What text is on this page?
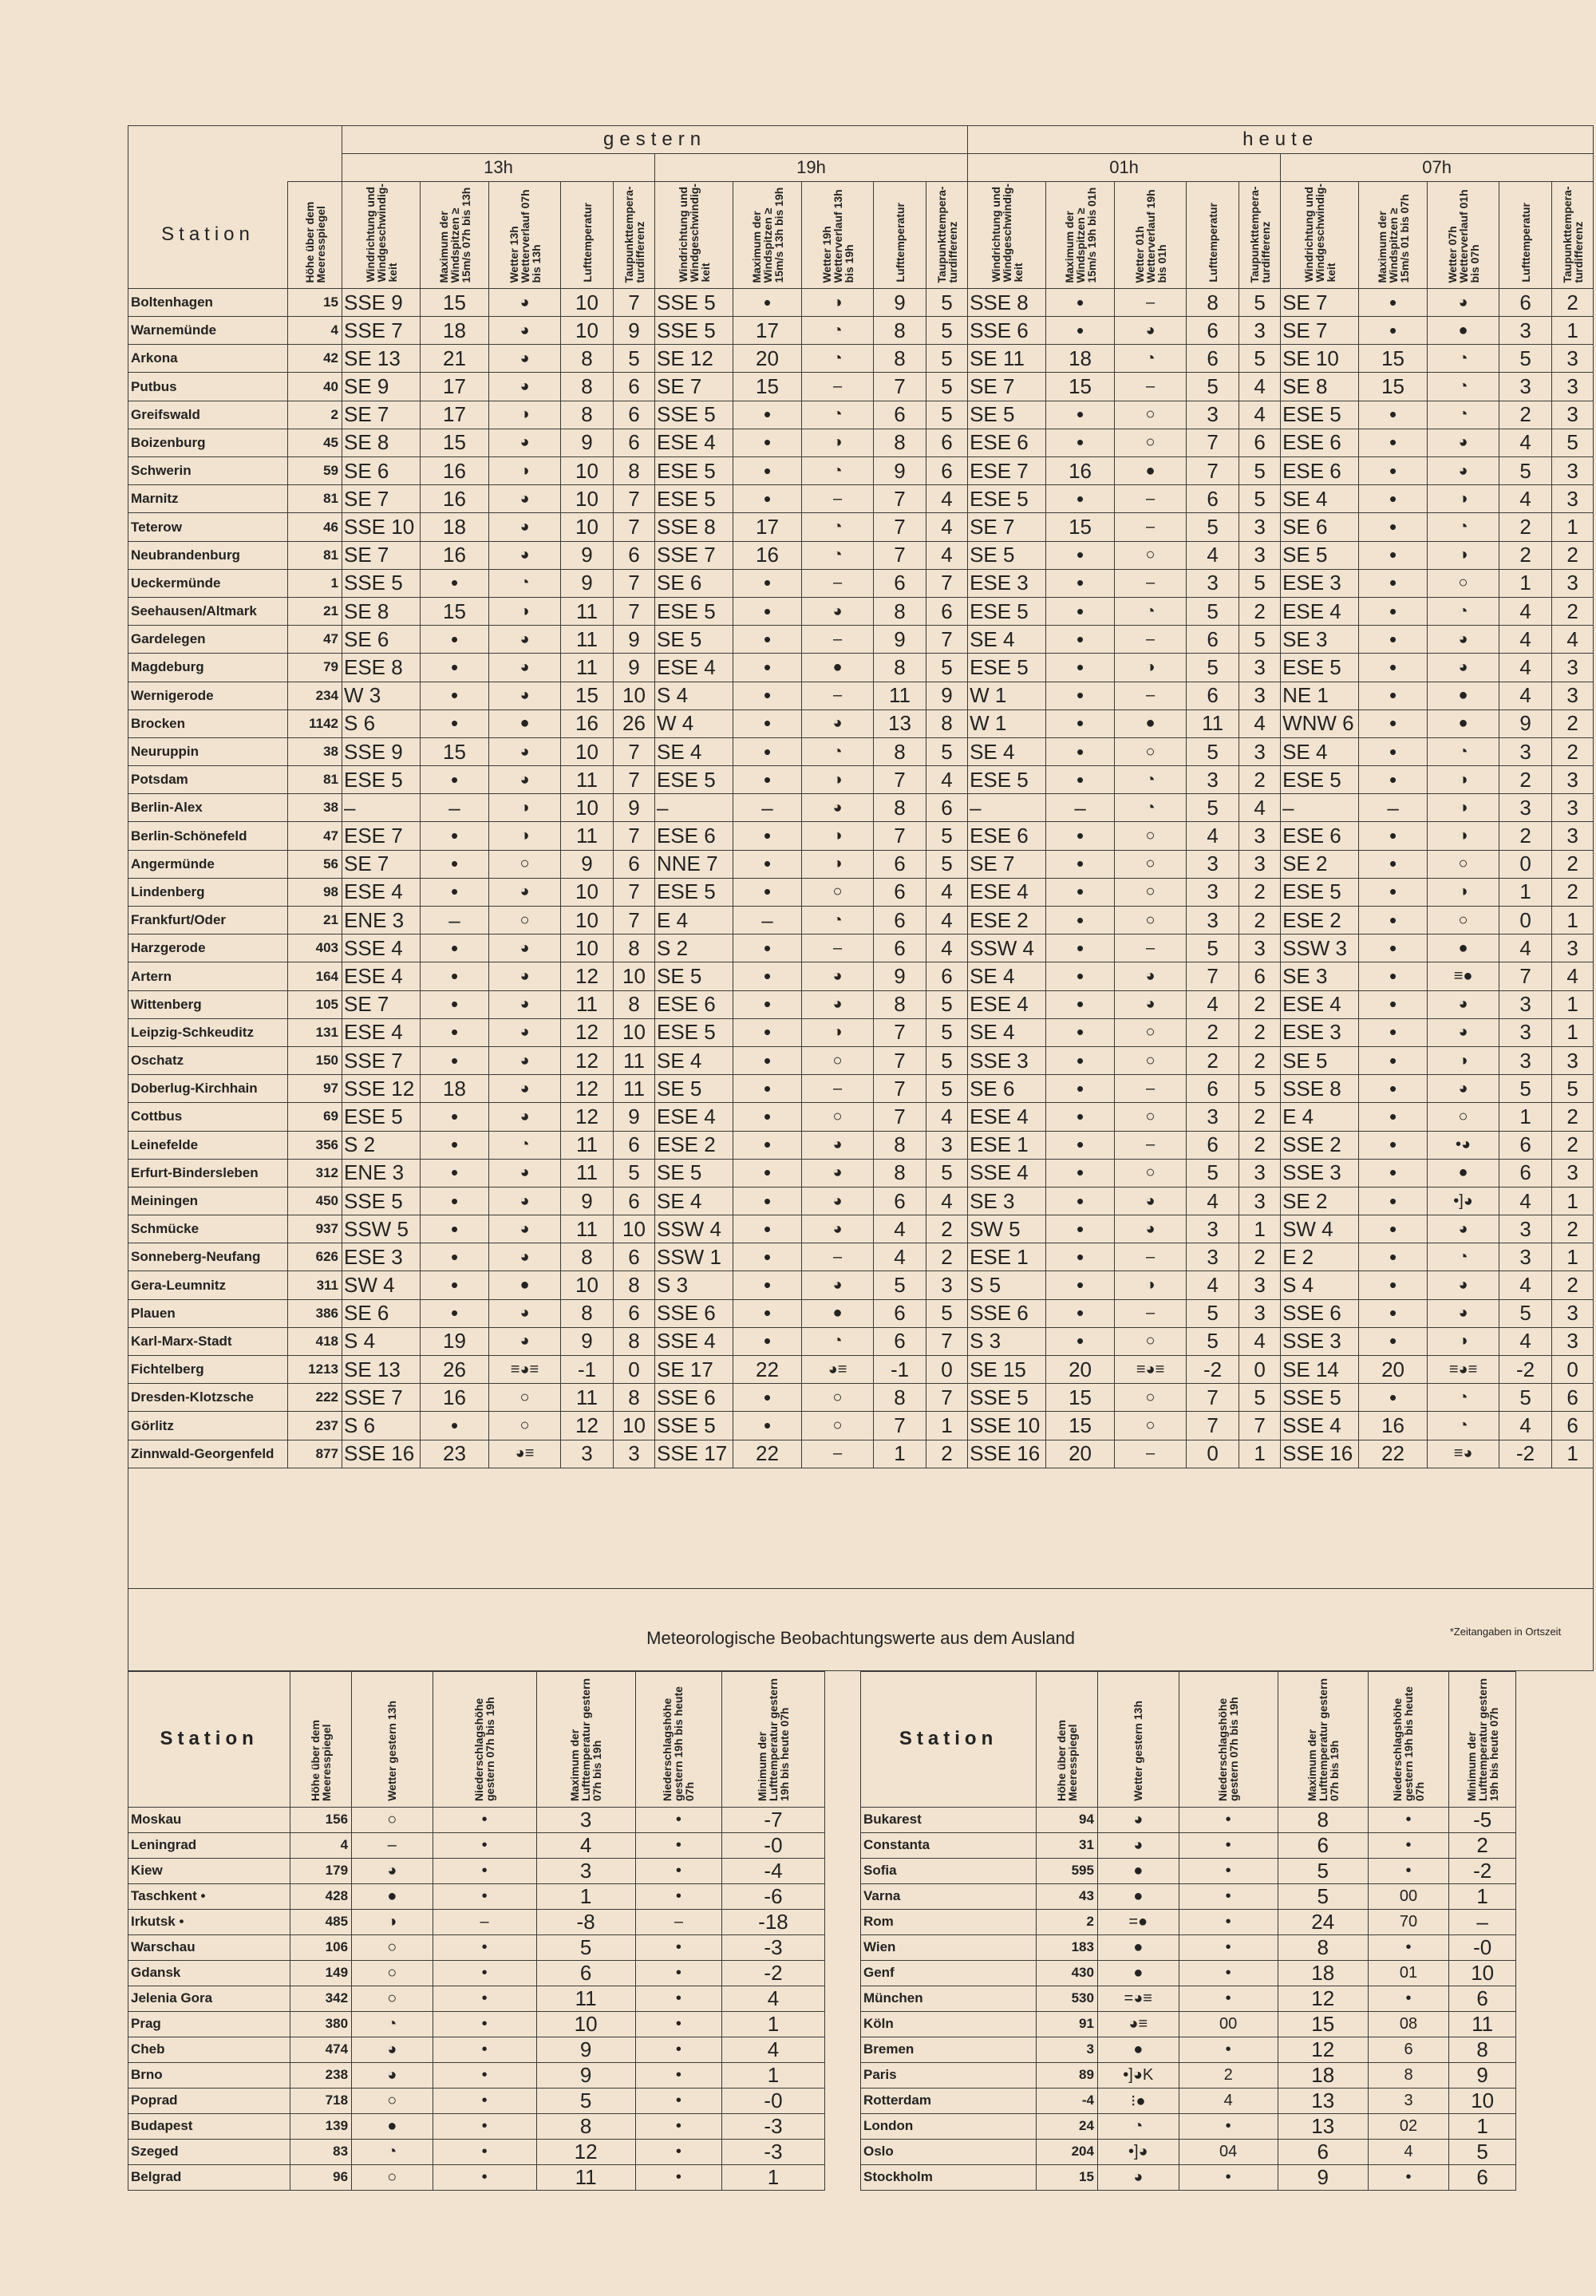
		gestern										heute									
		13h					19h					01h					07h				
Station	Höhe über dem Meeresspiegel	Windrichtung und Windgeschwindig-keit	Maximum der Windspitzen ≥ 15m/s 07h bis 13h	Wetter 13h Wetterverlauf 07h bis 13h	Lufttemperatur	Taupunkttempera-turdifferenz	Windrichtung und Windgeschwindig-keit	Maximum der Windspitzen ≥ 15m/s 13h bis 19h	Wetter 19h Wetterverlauf 13h bis 19h	Lufttemperatur	Taupunkttempera-turdifferenz	Windrichtung und Windgeschwindig-keit	Maximum der Windspitzen ≥ 15m/s 19h bis 01h	Wetter 01h Wetterverlauf 19h bis 01h	Lufttemperatur	Taupunkttempera-turdifferenz	Windrichtung und Windgeschwindig-keit	Maximum der Windspitzen ≥ 15m/s 01 bis 07h	Wetter 07h Wetterverlauf 01h bis 07h	Lufttemperatur	Taupunkttempera-turdifferenz
Boltenhagen	15	SSE 9	15	◕	10	7	SSE 5	•	◑	9	5	SSE 8	•	–	8	5	SE 7	•	◕	6	2
Warnemünde	4	SSE 7	18	◕	10	9	SSE 5	17	◔	8	5	SSE 6	•	◕	6	3	SE 7	•	●	3	1
Arkona	42	SE 13	21	◕	8	5	SE 12	20	◔	8	5	SE 11	18	◔	6	5	SE 10	15	◔	5	3
Putbus	40	SE 9	17	◕	8	6	SE 7	15	–	7	5	SE 7	15	–	5	4	SE 8	15	◔	3	3
Greifswald	2	SE 7	17	◑	8	6	SSE 5	•	◔	6	5	SE 5	•	○	3	4	ESE 5	•	◔	2	3
Boizenburg	45	SE 8	15	◕	9	6	ESE 4	•	◑	8	6	ESE 6	•	○	7	6	ESE 6	•	◕	4	5
Schwerin	59	SE 6	16	◑	10	8	ESE 5	•	◔	9	6	ESE 7	16	●	7	5	ESE 6	•	◕	5	3
Marnitz	81	SE 7	16	◕	10	7	ESE 5	•	–	7	4	ESE 5	•	–	6	5	SE 4	•	◑	4	3
Teterow	46	SSE 10	18	◕	10	7	SSE 8	17	◔	7	4	SE 7	15	–	5	3	SE 6	•	◔	2	1
Neubrandenburg	81	SE 7	16	◕	9	6	SSE 7	16	◔	7	4	SE 5	•	○	4	3	SE 5	•	◑	2	2
Ueckermünde	1	SSE 5	•	◔	9	7	SE 6	•	–	6	7	ESE 3	•	–	3	5	ESE 3	•	○	1	3
Seehausen/Altmark	21	SE 8	15	◑	11	7	ESE 5	•	◕	8	6	ESE 5	•	◔	5	2	ESE 4	•	◔	4	2
Gardelegen	47	SE 6	•	◕	11	9	SE 5	•	–	9	7	SE 4	•	–	6	5	SE 3	•	◕	4	4
Magdeburg	79	ESE 8	•	◕	11	9	ESE 4	•	●	8	5	ESE 5	•	◑	5	3	ESE 5	•	◕	4	3
Wernigerode	234	W 3	•	◕	15	10	S 4	•	–	11	9	W 1	•	–	6	3	NE 1	•	●	4	3
Brocken	1142	S 6	•	●	16	26	W 4	•	◕	13	8	W 1	•	●	11	4	WNW 6	•	●	9	2
Neuruppin	38	SSE 9	15	◕	10	7	SE 4	•	◔	8	5	SE 4	•	○	5	3	SE 4	•	◔	3	2
Potsdam	81	ESE 5	•	◕	11	7	ESE 5	•	◑	7	4	ESE 5	•	◔	3	2	ESE 5	•	◑	2	3
Berlin-Alex	38	–	–	◑	10	9	–	–	◕	8	6	–	–	◔	5	4	–	–	◑	3	3
Berlin-Schönefeld	47	ESE 7	•	◑	11	7	ESE 6	•	◑	7	5	ESE 6	•	○	4	3	ESE 6	•	◑	2	3
Angermünde	56	SE 7	•	○	9	6	NNE 7	•	◑	6	5	SE 7	•	○	3	3	SE 2	•	○	0	2
Lindenberg	98	ESE 4	•	◕	10	7	ESE 5	•	○	6	4	ESE 4	•	○	3	2	ESE 5	•	◑	1	2
Frankfurt/Oder	21	ENE 3	–	○	10	7	E 4	–	◔	6	4	ESE 2	•	○	3	2	ESE 2	•	○	0	1
Harzgerode	403	SSE 4	•	◕	10	8	S 2	•	–	6	4	SSW 4	•	–	5	3	SSW 3	•	●	4	3
Artern	164	ESE 4	•	◕	12	10	SE 5	•	◕	9	6	SE 4	•	◕	7	6	SE 3	•	≡●	7	4
Wittenberg	105	SE 7	•	◕	11	8	ESE 6	•	◕	8	5	ESE 4	•	◕	4	2	ESE 4	•	◕	3	1
Leipzig-Schkeuditz	131	ESE 4	•	◕	12	10	ESE 5	•	◑	7	5	SE 4	•	○	2	2	ESE 3	•	◕	3	1
Oschatz	150	SSE 7	•	◕	12	11	SE 4	•	○	7	5	SSE 3	•	○	2	2	SE 5	•	◑	3	3
Doberlug-Kirchhain	97	SSE 12	18	◕	12	11	SE 5	•	–	7	5	SE 6	•	–	6	5	SSE 8	•	◕	5	5
Cottbus	69	ESE 5	•	◕	12	9	ESE 4	•	○	7	4	ESE 4	•	○	3	2	E 4	•	○	1	2
Leinefelde	356	S 2	•	◔	11	6	ESE 2	•	◕	8	3	ESE 1	•	–	6	2	SSE 2	•	•◕	6	2
Erfurt-Bindersleben	312	ENE 3	•	◕	11	5	SE 5	•	◕	8	5	SSE 4	•	○	5	3	SSE 3	•	●	6	3
Meiningen	450	SSE 5	•	◕	9	6	SE 4	•	◕	6	4	SE 3	•	◕	4	3	SE 2	•	•]◕	4	1
Schmücke	937	SSW 5	•	◕	11	10	SSW 4	•	◕	4	2	SW 5	•	◕	3	1	SW 4	•	◕	3	2
Sonneberg-Neufang	626	ESE 3	•	◕	8	6	SSW 1	•	–	4	2	ESE 1	•	–	3	2	E 2	•	◔	3	1
Gera-Leumnitz	311	SW 4	•	●	10	8	S 3	•	◕	5	3	S 5	•	◑	4	3	S 4	•	◕	4	2
Plauen	386	SE 6	•	◕	8	6	SSE 6	•	●	6	5	SSE 6	•	–	5	3	SSE 6	•	◕	5	3
Karl-Marx-Stadt	418	S 4	19	◕	9	8	SSE 4	•	◔	6	7	S 3	•	○	5	4	SSE 3	•	◑	4	3
Fichtelberg	1213	SE 13	26	≡◕≡	-1	0	SE 17	22	◕≡	-1	0	SE 15	20	≡◕≡	-2	0	SE 14	20	≡◕≡	-2	0
Dresden-Klotzsche	222	SSE 7	16	○	11	8	SSE 6	•	○	8	7	SSE 5	15	○	7	5	SSE 5	•	◔	5	6
Görlitz	237	S 6	•	○	12	10	SSE 5	•	○	7	1	SSE 10	15	○	7	7	SSE 4	16	◔	4	6
Zinnwald-Georgenfeld	877	SSE 16	23	◕≡	3	3	SSE 17	22	–	1	2	SSE 16	20	–	0	1	SSE 16	22	≡◕	-2	1

Meteorologische Beobachtungswerte aus dem Ausland *Zeitangaben in Ortszeit																					
Station	Höhe über dem Meeresspiegel	Wetter gestern 13h	Niederschlagshöhe gestern 07h bis 19h	Maximum der Lufttemperatur gestern 07h bis 19h	Niederschlagshöhe gestern 19h bis heute 07h	Minimum der Lufttemperatur gestern 19h bis heute 07h		Station	Höhe über dem Meeresspiegel	Wetter gestern 13h	Niederschlagshöhe gestern 07h bis 19h	Maximum der Lufttemperatur gestern 07h bis 19h	Niederschlagshöhe gestern 19h bis heute 07h	Minimum der Lufttemperatur gestern 19h bis heute 07h
Moskau	156	○	•	3	•	-7		Bukarest	94	◕	•	8	•	-5
Leningrad	4	–	•	4	•	-0		Constanta	31	◕	•	6	•	2
Kiew	179	◕	•	3	•	-4		Sofia	595	●	•	5	•	-2
Taschkent •	428	●	•	1	•	-6		Varna	43	●	•	5	00	1
Irkutsk •	485	◑	–	-8	–	-18		Rom	2	=●	•	24	70	–
Warschau	106	○	•	5	•	-3		Wien	183	●	•	8	•	-0
Gdansk	149	○	•	6	•	-2		Genf	430	●	•	18	01	10
Jelenia Gora	342	○	•	11	•	4		München	530	=◕≡	•	12	•	6
Prag	380	◔	•	10	•	1		Köln	91	◕≡	00	15	08	11
Cheb	474	◕	•	9	•	4		Bremen	3	●	•	12	6	8
Brno	238	◕	•	9	•	1		Paris	89	•]◕K	2	18	8	9
Poprad	718	○	•	5	•	-0		Rotterdam	-4	⁝●	4	13	3	10
Budapest	139	●	•	8	•	-3		London	24	◔	•	13	02	1
Szeged	83	◔	•	12	•	-3		Oslo	204	•]◕	04	6	4	5
Belgrad	96	○	•	11	•	1		Stockholm	15	◕	•	9	•	6
